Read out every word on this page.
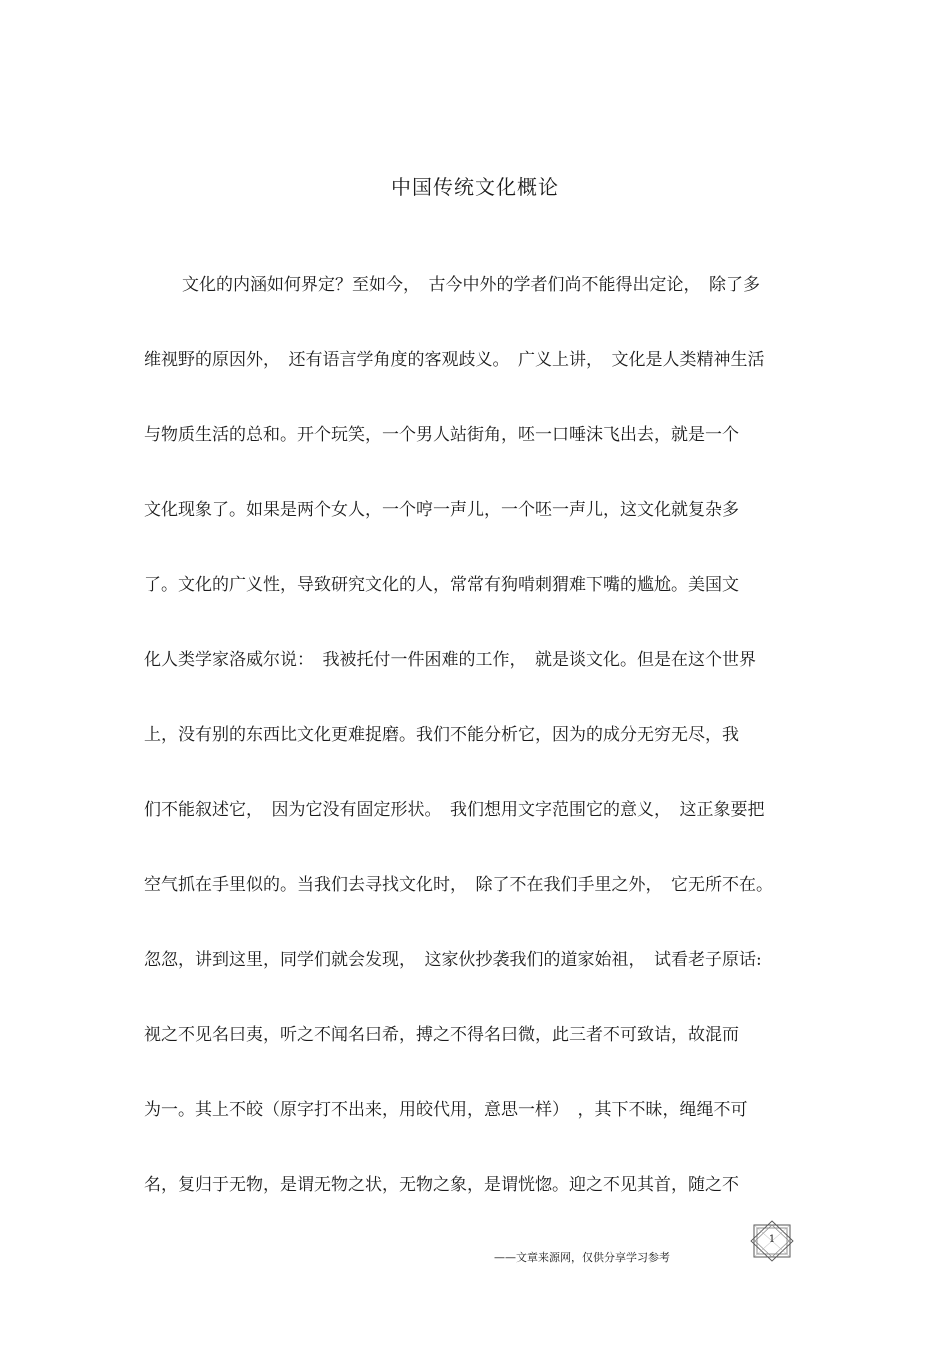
中国传统文化概论
文化的内涵如何界定？至如今，　古今中外的学者们尚不能得出定论，　除了多
维视野的原因外，　还有语言学角度的客观歧义。　广义上讲，　文化是人类精神生活
与物质生活的总和。开个玩笑，一个男人站街角，呸一口唾沫飞出去，就是一个
文化现象了。如果是两个女人，一个哼一声儿，一个呸一声儿，这文化就复杂多
了。文化的广义性，导致研究文化的人，常常有狗啃刺猬难下嘴的尴尬。美国文
化人类学家洛威尔说：　我被托付一件困难的工作，　就是谈文化。但是在这个世界
上，没有别的东西比文化更难捉磨。我们不能分析它，因为的成分无穷无尽，我
们不能叙述它，　因为它没有固定形状。　我们想用文字范围它的意义，　这正象要把
空气抓在手里似的。当我们去寻找文化时，　除了不在我们手里之外，　它无所不在。
忽忽，讲到这里，同学们就会发现，　这家伙抄袭我们的道家始祖，　试看老子原话:
视之不见名曰夷，听之不闻名曰希，搏之不得名曰微，此三者不可致诘，故混而
为一。其上不皎（原字打不出来，用皎代用，意思一样）　，其下不昧，绳绳不可
名，复归于无物，是谓无物之状，无物之象，是谓恍惚。迎之不见其首，随之不
1
——文章来源网，仅供分享学习参考
